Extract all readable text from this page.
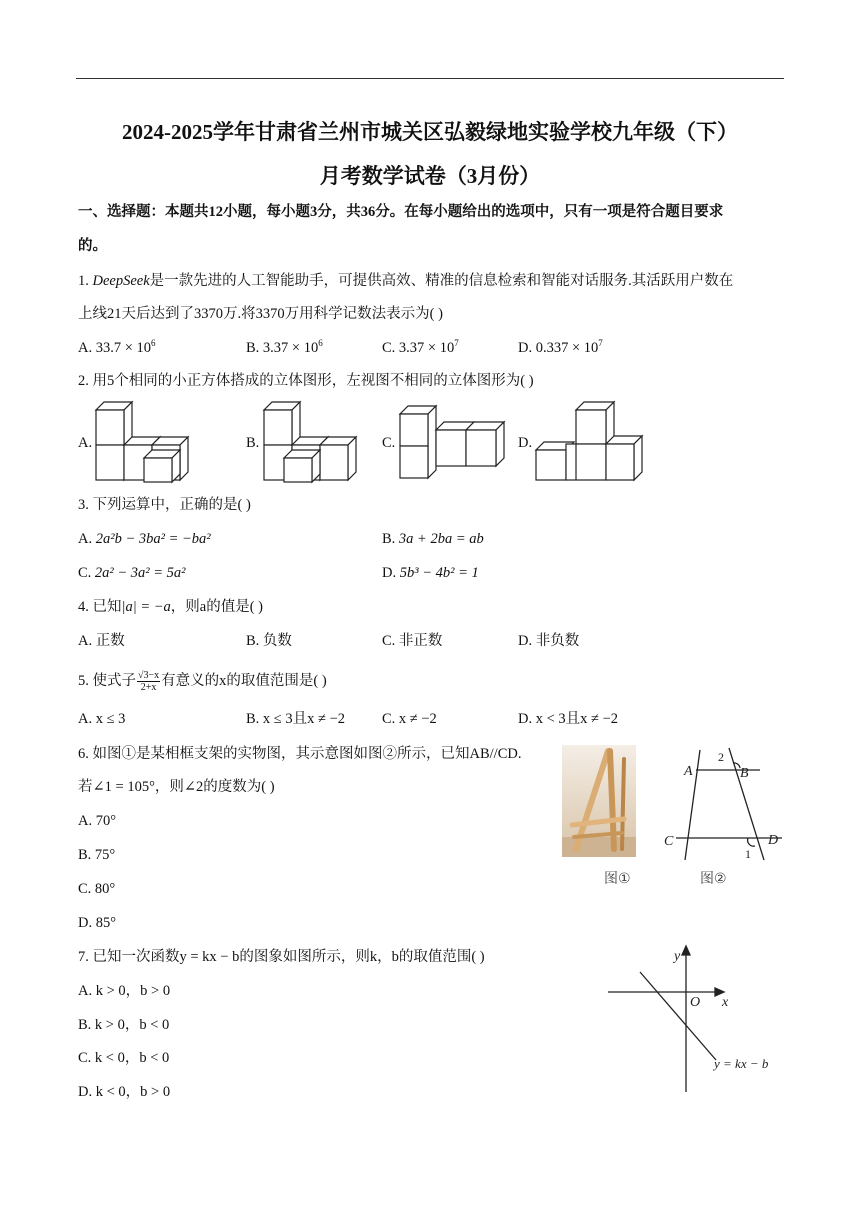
2024-2025学年甘肃省兰州市城关区弘毅绿地实验学校九年级（下）
月考数学试卷（3月份）
一、选择题：本题共12小题，每小题3分，共36分。在每小题给出的选项中，只有一项是符合题目要求
的。
1. DeepSeek是一款先进的人工智能助手，可提供高效、精准的信息检索和智能对话服务.其活跃用户数在
上线21天后达到了3370万.将3370万用科学记数法表示为( )
A. $33.7 \times 10^6$	B. $3.37 \times 10^6$	C. $3.37 \times 10^7$	D. $0.337 \times 10^7$
2. 用5个相同的小正方体搭成的立体图形，左视图不相同的立体图形为( )
A.	B.	C.	D.
3. 下列运算中，正确的是( )
A. 2a²b − 3ba² = −ba²	B. 3a + 2ba = ab
C. 2a² − 3a² = 5a²	D. 5b³ − 4b² = 1
4. 已知|a| = −a，则a的值是( )
A. 正数	B. 负数	C. 非正数	D. 非负数
5. 使式子 $\frac{√3-x}{2+x}$ 有意义的x的取值范围是( )
A. x ≤ 3	B. x ≤ 3且x ≠ −2	C. x ≠ −2	D. x < 3且x ≠ −2
6. 如图①是某相框支架的实物图，其示意图如图②所示，已知AB//CD.
若∠1 = 105°，则∠2的度数为( )
A. 70°
B. 75°
C. 80°
D. 85°
图①
A	B
C	D
2
1
图②
7. 已知一次函数y = kx − b的图象如图所示，则k，b的取值范围( )
A. k > 0，b > 0
B. k > 0，b < 0
C. k < 0，b < 0
D. k < 0，b > 0
y
x
O
y = kx − b
